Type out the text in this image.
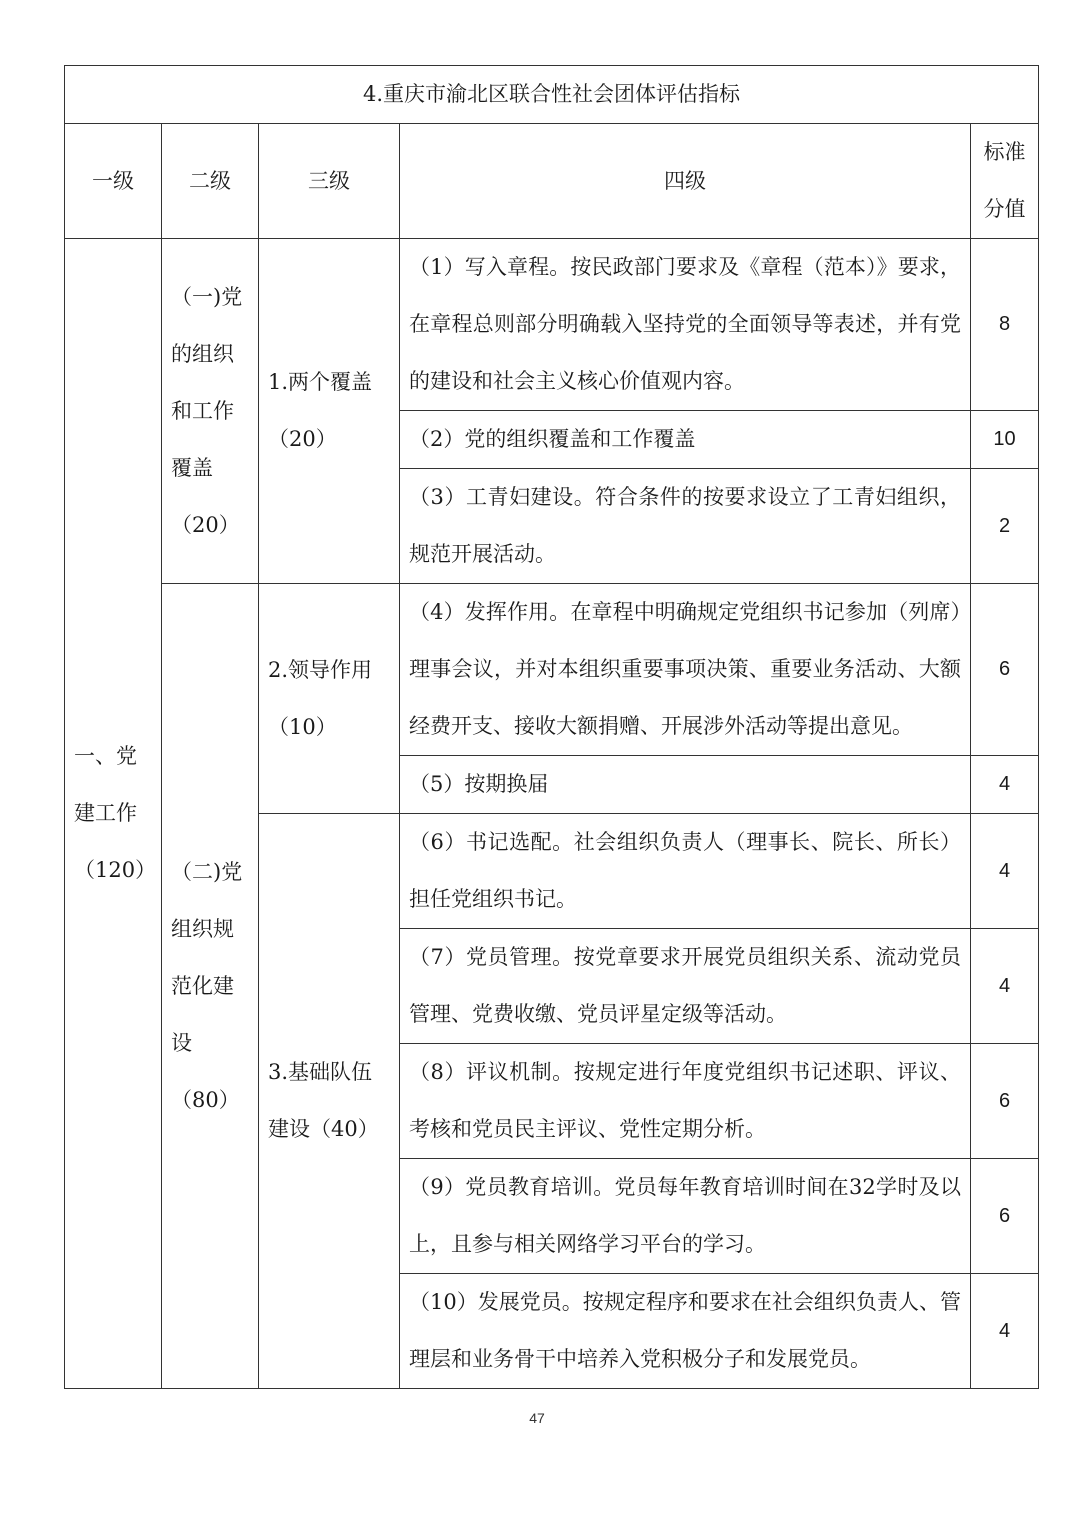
4.重庆市渝北区联合性社会团体评估指标				
一级	二级	三级	四级	标准分值
一、党建工作（120）	（一)党的组织和工作覆盖（20）	1.两个覆盖（20）	（1）写入章程。按民政部门要求及《章程（范本）》要求，在章程总则部分明确载入坚持党的全面领导等表述，并有党的建设和社会主义核心价值观内容。	8
			（2）党的组织覆盖和工作覆盖	10
			（3）工青妇建设。符合条件的按要求设立了工青妇组织，规范开展活动。	2
	（二)党组织规范化建设（80）	2.领导作用（10）	（4）发挥作用。在章程中明确规定党组织书记参加（列席）理事会议，并对本组织重要事项决策、重要业务活动、大额经费开支、接收大额捐赠、开展涉外活动等提出意见。	6
			（5）按期换届	4
		3.基础队伍建设（40）	（6）书记选配。社会组织负责人（理事长、院长、所长）担任党组织书记。	4
			（7）党员管理。按党章要求开展党员组织关系、流动党员管理、党费收缴、党员评星定级等活动。	4
			（8）评议机制。按规定进行年度党组织书记述职、评议、考核和党员民主评议、党性定期分析。	6
			（9）党员教育培训。党员每年教育培训时间在32学时及以上，且参与相关网络学习平台的学习。	6
			（10）发展党员。按规定程序和要求在社会组织负责人、管理层和业务骨干中培养入党积极分子和发展党员。	4
47
